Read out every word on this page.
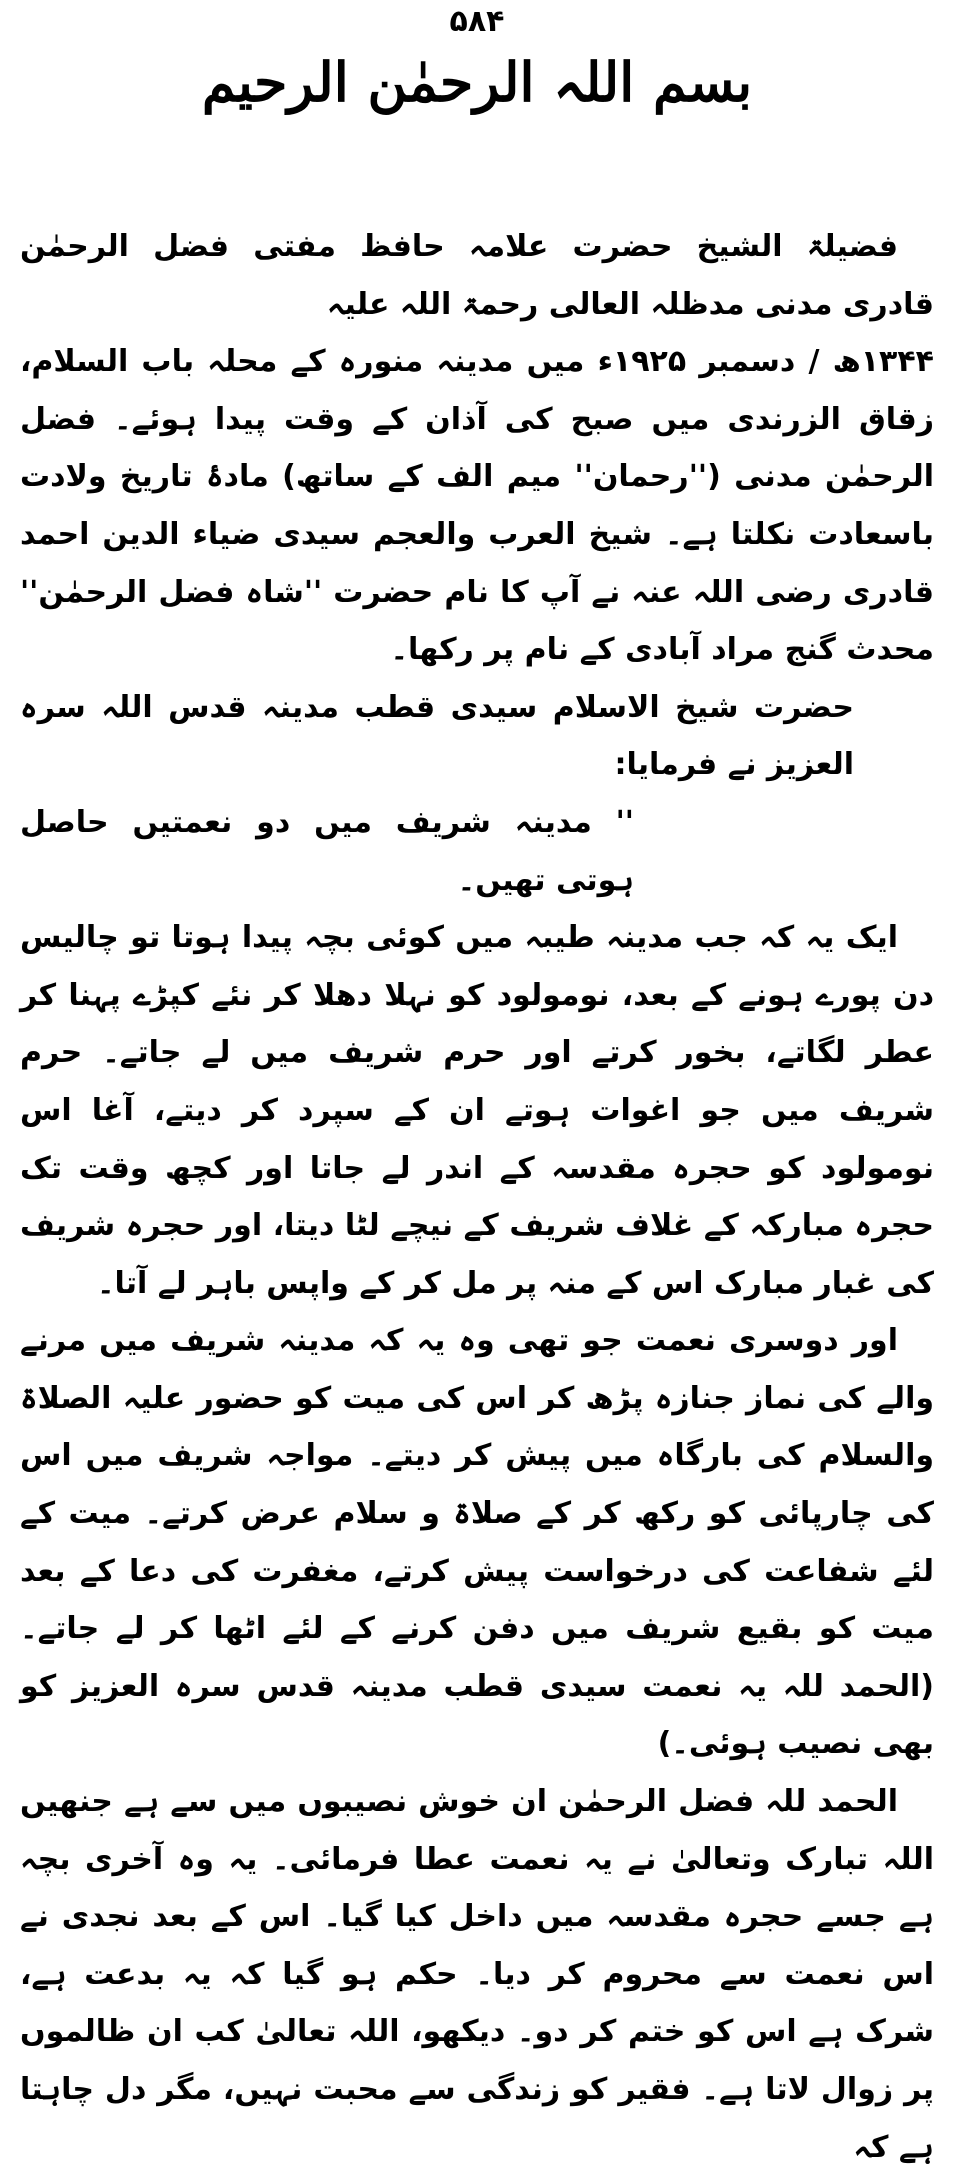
۵۸۴
بسم اللہ الرحمٰن الرحیم

فضیلۃ الشیخ حضرت علامہ حافظ مفتی فضل الرحمٰن قادری مدنی مدظلہ العالی رحمۃ اللہ علیہ

۱۳۴۴ھ / دسمبر ۱۹۲۵ء میں مدینہ منورہ کے محلہ باب السلام، زقاق الزرندی میں صبح کی آذان کے وقت پیدا ہوئے۔ فضل الرحمٰن مدنی (''رحمان'' میم الف کے ساتھ) مادۂ تاریخ ولادت باسعادت نکلتا ہے۔ شیخ العرب والعجم سیدی ضیاء الدین احمد قادری رضی اللہ عنہ نے آپ کا نام حضرت ''شاہ فضل الرحمٰن'' محدث گنج مراد آبادی کے نام پر رکھا۔

حضرت شیخ الاسلام سیدی قطب مدینہ قدس اللہ سرہ العزیز نے فرمایا:

'' مدینہ شریف میں دو نعمتیں حاصل ہوتی تھیں۔

ایک یہ کہ جب مدینہ طیبہ میں کوئی بچہ پیدا ہوتا تو چالیس دن پورے ہونے کے بعد، نومولود کو نہلا دھلا کر نئے کپڑے پہنا کر عطر لگاتے، بخور کرتے اور حرم شریف میں لے جاتے۔ حرم شریف میں جو اغوات ہوتے ان کے سپرد کر دیتے، آغا اس نومولود کو حجرہ مقدسہ کے اندر لے جاتا اور کچھ وقت تک حجرہ مبارکہ کے غلاف شریف کے نیچے لٹا دیتا، اور حجرہ شریف کی غبار مبارک اس کے منہ پر مل کر کے واپس باہر لے آتا۔

اور دوسری نعمت جو تھی وہ یہ کہ مدینہ شریف میں مرنے والے کی نماز جنازہ پڑھ کر اس کی میت کو حضور علیہ الصلاۃ والسلام کی بارگاہ میں پیش کر دیتے۔ مواجہ شریف میں اس کی چارپائی کو رکھ کر کے صلاۃ و سلام عرض کرتے۔ میت کے لئے شفاعت کی درخواست پیش کرتے، مغفرت کی دعا کے بعد میت کو بقیع شریف میں دفن کرنے کے لئے اٹھا کر لے جاتے۔ (الحمد للہ یہ نعمت سیدی قطب مدینہ قدس سرہ العزیز کو بھی نصیب ہوئی۔)

الحمد للہ فضل الرحمٰن ان خوش نصیبوں میں سے ہے جنھیں اللہ تبارک وتعالیٰ نے یہ نعمت عطا فرمائی۔ یہ وہ آخری بچہ ہے جسے حجرہ مقدسہ میں داخل کیا گیا۔ اس کے بعد نجدی نے اس نعمت سے محروم کر دیا۔ حکم ہو گیا کہ یہ بدعت ہے، شرک ہے اس کو ختم کر دو۔ دیکھو، اللہ تعالیٰ کب ان ظالموں پر زوال لاتا ہے۔ فقیر کو زندگی سے محبت نہیں، مگر دل چاہتا ہے کہ
